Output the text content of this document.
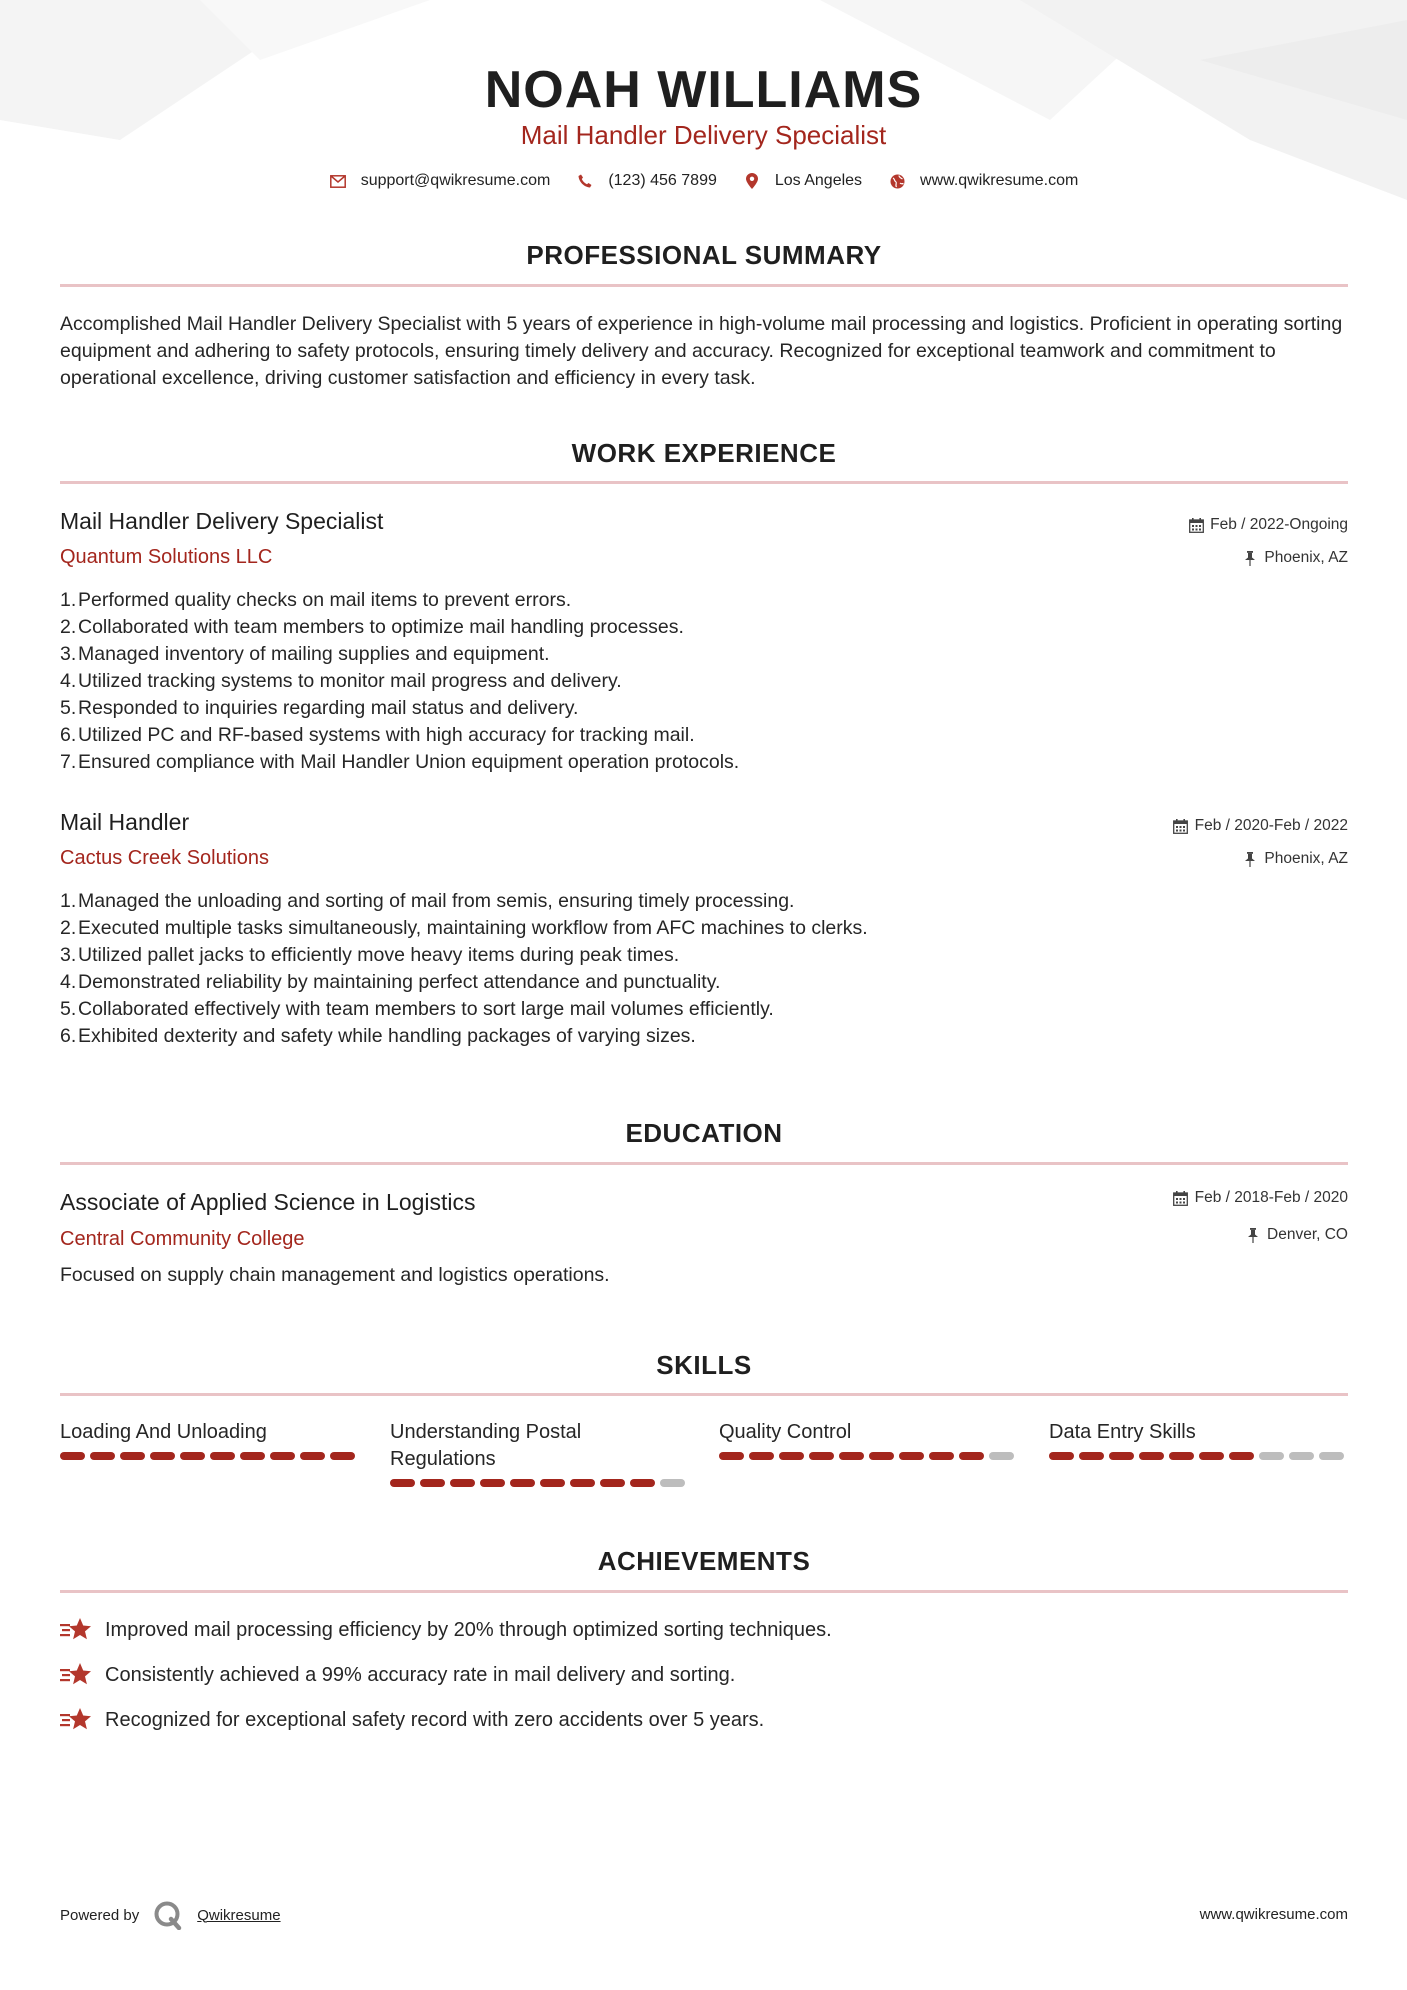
NOAH WILLIAMS
Mail Handler Delivery Specialist
support@qwikresume.com	(123) 456 7899	Los Angeles	www.qwikresume.com
PROFESSIONAL SUMMARY
Accomplished Mail Handler Delivery Specialist with 5 years of experience in high-volume mail processing and logistics. Proficient in operating sorting equipment and adhering to safety protocols, ensuring timely delivery and accuracy. Recognized for exceptional teamwork and commitment to operational excellence, driving customer satisfaction and efficiency in every task.
WORK EXPERIENCE
Mail Handler Delivery Specialist
Quantum Solutions LLC
Feb / 2022-Ongoing
Phoenix, AZ
1.Performed quality checks on mail items to prevent errors.
2.Collaborated with team members to optimize mail handling processes.
3.Managed inventory of mailing supplies and equipment.
4.Utilized tracking systems to monitor mail progress and delivery.
5.Responded to inquiries regarding mail status and delivery.
6.Utilized PC and RF-based systems with high accuracy for tracking mail.
7.Ensured compliance with Mail Handler Union equipment operation protocols.
Mail Handler
Cactus Creek Solutions
Feb / 2020-Feb / 2022
Phoenix, AZ
1.Managed the unloading and sorting of mail from semis, ensuring timely processing.
2.Executed multiple tasks simultaneously, maintaining workflow from AFC machines to clerks.
3.Utilized pallet jacks to efficiently move heavy items during peak times.
4.Demonstrated reliability by maintaining perfect attendance and punctuality.
5.Collaborated effectively with team members to sort large mail volumes efficiently.
6.Exhibited dexterity and safety while handling packages of varying sizes.
EDUCATION
Associate of Applied Science in Logistics
Central Community College
Feb / 2018-Feb / 2020
Denver, CO
Focused on supply chain management and logistics operations.
SKILLS
Loading And Unloading	Understanding Postal Regulations
Quality Control	Data Entry Skills
ACHIEVEMENTS
Improved mail processing efficiency by 20% through optimized sorting techniques.
Consistently achieved a 99% accuracy rate in mail delivery and sorting.
Recognized for exceptional safety record with zero accidents over 5 years.
Powered by	Qwikresume	www.qwikresume.com
